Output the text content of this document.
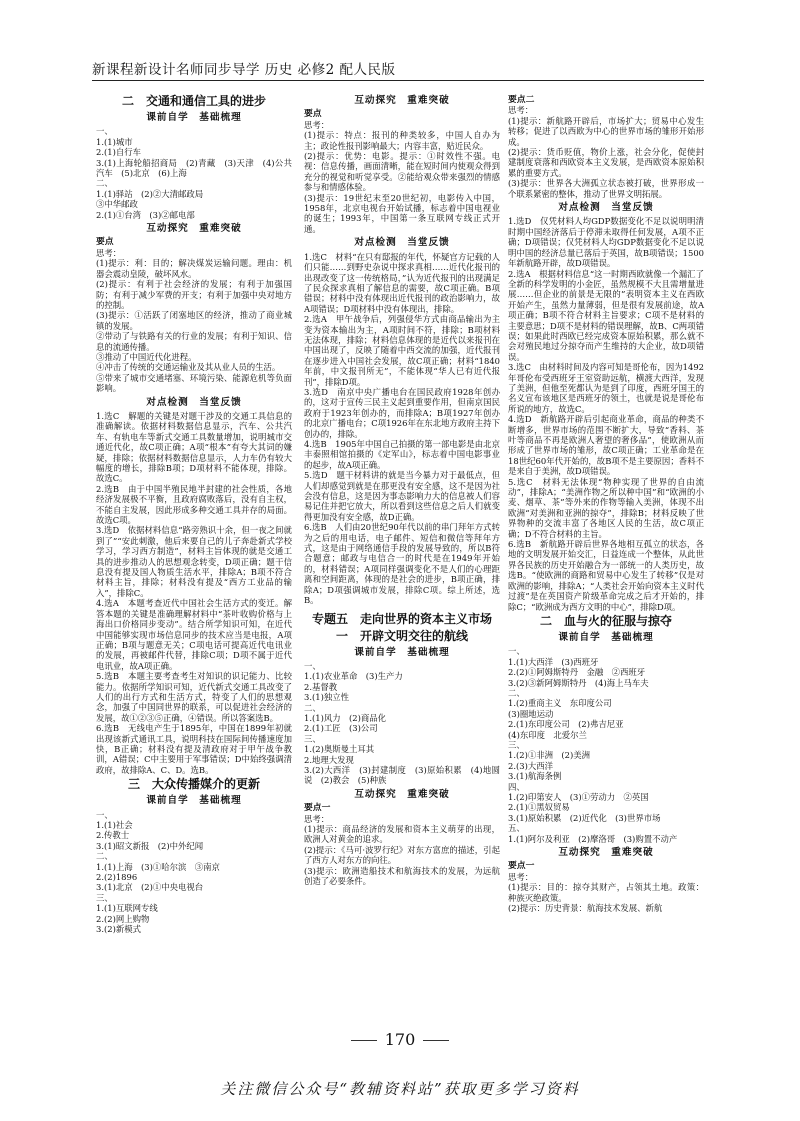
新课程新设计名师同步导学 历史 必修2 配人民版
二　交通和通信工具的进步
课前自学　基础梳理
一、
1.(1)城市
2.(1)自行车
3.(1)上海轮船招商局　(2)青藏　(3)天津　(4)公共汽车　(5)北京　(6)上海
二、
1.(1)驿站　(2)②大清邮政局
③中华邮政
2.(1)①台湾　(3)②邮电部
互动探究　重难突破
要点
思考：
(1)提示：利：目的；解决煤炭运输问题。理由：机器会震动皇陵，破坏风水。
(2)提示：有利于社会经济的发展；有利于加强国防；有利于减少军费的开支；有利于加强中央对地方的控制。
(3)提示：①活跃了闭塞地区的经济，推动了商业城镇的发展。
②带动了与铁路有关的行业的发展；有利于知识、信息的流通传播。
③推动了中国近代化进程。
④冲击了传统的交通运输业及其从业人员的生活。
⑤带来了城市交通堵塞、环境污染、能源危机等负面影响。
对点检测　当堂反馈
1.选C　解题的关键是对题干涉及的交通工具信息的准确解读。依据材料数据信息显示，汽车、公共汽车、有轨电车等新式交通工具数量增加，说明城市交通近代化，故C项正确；A项“根本”有夸大其词的嫌疑，排除；依据材料数据信息显示，人力车仍有较大幅度的增长，排除B项；D项材料不能体现，排除。故选C。
2.选B　由于中国半殖民地半封建的社会性质，各地经济发展极不平衡，且政府腐败落后，没有自主权，不能自主发展，因此形成多种交通工具并存的局面。故选C项。
3.选D　依据材料信息“路旁熟识十余，但一夜之间就到了”“安此刺激，他后来要自己的儿子奔赴新式学校学习，学习西方制造”，材料主旨体现的就是交通工具的进步推动人的思想观念转变，D项正确；题干信息没有提及国人物质生活水平，排除A；B项不符合材料主旨，排除；材料没有提及“西方工业品的输入”，排除C。
4.选A　本题考查近代中国社会生活方式的变迁。解答本题的关键是准确理解材料中“茶叶收购价格与上海出口价格同步变动”。结合所学知识可知，在近代中国能够实现市场信息同步的技术应当是电报，A项正确；B项与题意无关；C项电话可提高近代电讯业的发展，再被邮件代替，排除C项；D项不属于近代电讯业，故A项正确。
5.选B　本题主要考查考生对知识的识记能力、比较能力。依据所学知识可知，近代新式交通工具改变了人们的出行方式和生活方式，特变了人们的思想观念，加强了中国同世界的联系，可以促进社会经济的发展，故①②③⑤正确，④错误。所以答案选B。
6.选B　无线电产生于1895年，中国在1899年初就出现该新式通讯工具，说明科技在国际间传播速度加快，B正确；材料没有提及清政府对于甲午战争教训，A错误；C中主要用于军事错误；D中始终强调清政府，故排除A、C、D。选B。
三　大众传播媒介的更新
课前自学　基础梳理
一、
1.(1)社会
2.传教士
3.(1)昭文新报　(2)中外纪闻
二、
1.(1)上海　(3)①哈尔滨　③南京
2.(2)1896
3.(1)北京　(2)①中央电视台
三、
1.(1)互联网专线
2.(2)网上购物
3.(2)新模式
互动探究　重难突破
要点
思考：
(1)提示：特点：报刊的种类较多，中国人自办为主；政论性报刊影响最大；内容丰富，贴近民众。
(2)提示：优势：电影。提示：①时效性不强。电视：信息传播，画面清晰，能在短时间内使观众得到充分的视觉和听觉享受。②能给观众带来强烈的情感参与和情感体验。
(3)提示：19世纪末至20世纪初，电影传入中国，1958年，北京电视台开始试播，标志着中国电视业的诞生；1993年，中国第一条互联网专线正式开通。
对点检测　当堂反馈
1.选C　材料“在只有邸报的年代，怀疑官方记载的人们只能……到野史杂说中探求真相……近代化报刊的出现改变了这一传统格局，”认为近代报刊的出现满足了民众探求真相了解信息的需要，故C项正确。B项错误；材料中没有体现出近代报刊的政治影响力，故A项错误；D项材料中没有体现出，排除。
2.选A　甲午战争后，列强侵华方式由商品输出为主变为资本输出为主，A项时间不符，排除；B项材料无法体现，排除；材料信息体现的是近代以来报刊在中国出现了，反映了随着中西交流的加强，近代报刊在逐步进入中国社会发展，故C项正确；材料“1840年前，中文报刊所无”，不能体现“华人已有近代报刊”，排除D项。
3.选D　南京中央广播电台在国民政府1928年创办的，这对于宣传三民主义起到重要作用，但南京国民政府于1923年创办的，而排除A；B项1927年创办的北京广播电台；C项1926年在东北地方政府主持下创办的，排除。
4.选B　1905年中国自己拍摄的第一部电影是由北京丰泰照相馆拍摄的《定军山》，标志着中国电影事业的起步，故A项正确。
5.选D　题干材料讲的就是当今暴力对于最低点，但人们却感觉到就是在那更没有安全感，这不是因为社会没有信息，这是因为事态影响力大的信息被人们容易记住并把它放大，所以看到这些信息之后人们就变得更加没有安全感，故D正确。
6.选B　人们由20世纪90年代以前的串门拜年方式转为之后的用电话，电子邮件、短信和微信等拜年方式，这是由于网络通信手段的发展导致的，所以B符合题意；邮政与电信合一的时代是在1949年开始的，材料错误；A项同样强调变化不是人们的心理距离和空间距离，体现的是社会的进步，B项正确，排除A；D项强调城市发展，排除C项。综上所述，选B。
专题五　走向世界的资本主义市场
一　开辟文明交往的航线
课前自学　基础梳理
一、
1.(1)农业革命　(3)生产力
2.基督教
3.(1)独立性
二、
1.(1)风力　(2)商品化
2.(1)工匠　(3)公司
三、
1.(2)奥斯曼土耳其
2.地理大发现
3.(2)大西洋　(3)封建制度　(3)原始积累　(4)地圆说　(2)教会　(5)种族
互动探究　重难突破
要点一
思考：
(1)提示：商品经济的发展和资本主义萌芽的出现，欧洲人对黄金的追求。
(2)提示：《马可·波罗行纪》对东方富庶的描述，引起了西方人对东方的向往。
(3)提示：欧洲造船技术和航海技术的发展，为远航创造了必要条件。
要点二
思考：
(1)提示：新航路开辟后，市场扩大；贸易中心发生转移；促进了以西欧为中心的世界市场的雏形开始形成。
(2)提示：货币贬值，物价上涨，社会分化，促使封建制度衰落和西欧资本主义发展，是西欧资本原始积累的重要方式。
(3)提示：世界各大洲孤立状态被打破，世界形成一个联系紧密的整体，推动了世界文明拓展。
对点检测　当堂反馈
1.选D　仅凭材料人均GDP数据变化不足以说明明清时期中国经济落后于停滞未取得任何发展，A项不正确；D项错误；仅凭材料人均GDP数据变化不足以说明中国的经济总量已落后于英国，故B项错误；1500年新航路开辟，故D项错误。
2.选A　根据材料信息“这一时期西欧就像一个漏汇了全新的科学发明的小金匠，虽然规模不大且需增量进展……但企业的前景是无限的”表明资本主义在西欧开始产生，虽然力量薄弱，但是很有发展前途，故A项正确；B项不符合材料主旨要求；C项不是材料的主要意思；D项不是材料的错误理解，故B、C两项错误；如果此时西欧已经完成资本原始积累，那么就不会对殖民地过分掠夺而产生维持的大企业，故D项错误。
3.选C　由材料时间及内容可知是哥伦布，因为1492年哥伦布受西班牙王室资助远航，横渡大西洋，发现了美洲，但他至死都认为是到了印度，西班牙国王的名义宣布该地区是西班牙的领土，也就是说是哥伦布所说的地方，故选C。
4.选D　新航路开辟后引起商业革命，商品的种类不断增多，世界市场的范围不断扩大，导致“香料、茶叶等商品不再是欧洲人奢望的奢侈品”，使欧洲从而形成了世界市场的雏形，故C项正确；工业革命是在18世纪60年代开始的，故B项不是主要原因；香料不是来自于美洲，故D项错误。
5.选C　材料无法体现“物种实现了世界的自由流动”，排除A；“美洲作物之所以种中国”和“欧洲的小麦、烟草、茶”等外来的作物等输入美洲，体现不出欧洲“对美洲和亚洲的掠夺”，排除B；材料反映了世界物种的交流丰富了各地区人民的生活，故C项正确；D不符合材料的主旨。
6.选B　新航路开辟后世界各地相互孤立的状态，各地的文明发展开始交汇，日益连成一个整体，从此世界各民族的历史开始融合为一部统一的人类历史，故选B。“使欧洲的商路和贸易中心发生了转移”仅是对欧洲的影响，排除A；“人类社会开始向资本主义时代过渡”是在英国资产阶级革命完成之后才开始的，排除C；“欧洲成为西方文明的中心”，排除D项。
二　血与火的征服与掠夺
课前自学　基础梳理
一、
1.(1)大西洋　(3)西班牙
2.(2)①阿姆斯特丹　金融　②西班牙
3.(2)③新阿姆斯特丹　(4)海上马车夫
二、
1.(2)重商主义　东印度公司
(3)圈地运动
2.(1)东印度公司　(2)弗吉尼亚
(4)东印度　北爱尔兰
三、
1.(2)①非洲　(2)美洲
2.(3)大西洋
3.(1)航海条例
四、
1.(2)印第安人　(3)①劳动力　②英国
2.(1)①黑奴贸易
3.(1)原始积累　(2)近代化　(3)世界市场
五、
1.(1)阿尔及利亚　(2)摩洛哥　(3)购置不动产
互动探究　重难突破
要点一
思考：
(1)提示：目的：掠夺其财产，占领其土地。政策：种族灭绝政策。
(2)提示：历史背景：航海技术发展、新航
170
关注微信公众号“教辅资料站”获取更多学习资料
